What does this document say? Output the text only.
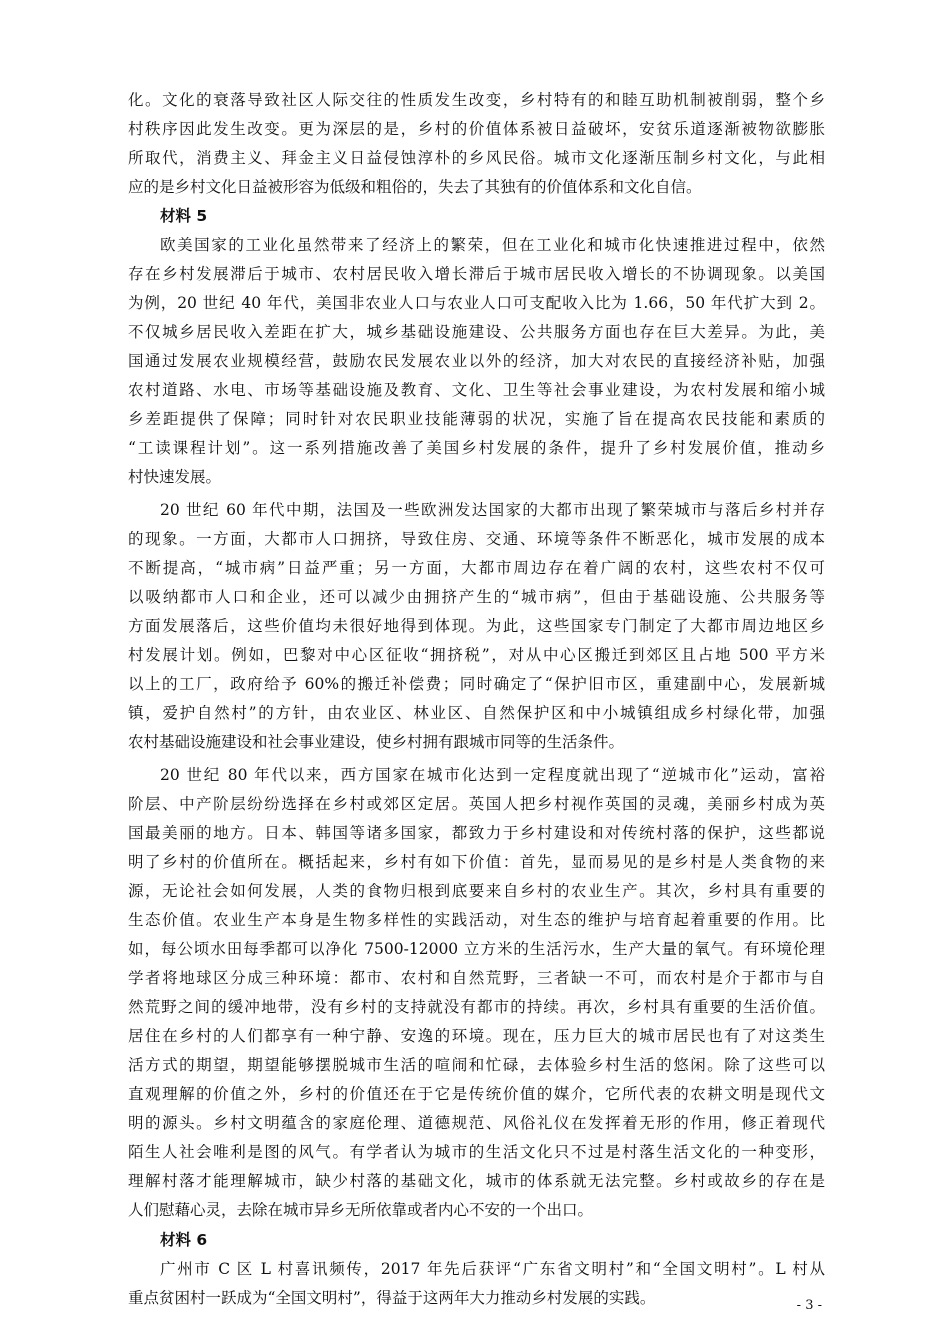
化。文化的衰落导致社区人际交往的性质发生改变，乡村特有的和睦互助机制被削弱，整个乡
村秩序因此发生改变。更为深层的是，乡村的价值体系被日益破坏，安贫乐道逐渐被物欲膨胀
所取代，消费主义、拜金主义日益侵蚀淳朴的乡风民俗。城市文化逐渐压制乡村文化，与此相
应的是乡村文化日益被形容为低级和粗俗的，失去了其独有的价值体系和文化自信。
材料 5
欧美国家的工业化虽然带来了经济上的繁荣，但在工业化和城市化快速推进过程中，依然
存在乡村发展滞后于城市、农村居民收入增长滞后于城市居民收入增长的不协调现象。以美国
为例，20 世纪 40 年代，美国非农业人口与农业人口可支配收入比为 1.66，50 年代扩大到 2。
不仅城乡居民收入差距在扩大，城乡基础设施建设、公共服务方面也存在巨大差异。为此，美
国通过发展农业规模经营，鼓励农民发展农业以外的经济，加大对农民的直接经济补贴，加强
农村道路、水电、市场等基础设施及教育、文化、卫生等社会事业建设，为农村发展和缩小城
乡差距提供了保障；同时针对农民职业技能薄弱的状况，实施了旨在提高农民技能和素质的
“工读课程计划”。这一系列措施改善了美国乡村发展的条件，提升了乡村发展价值，推动乡
村快速发展。
20 世纪 60 年代中期，法国及一些欧洲发达国家的大都市出现了繁荣城市与落后乡村并存
的现象。一方面，大都市人口拥挤，导致住房、交通、环境等条件不断恶化，城市发展的成本
不断提高，“城市病”日益严重；另一方面，大都市周边存在着广阔的农村，这些农村不仅可
以吸纳都市人口和企业，还可以减少由拥挤产生的“城市病”，但由于基础设施、公共服务等
方面发展落后，这些价值均未很好地得到体现。为此，这些国家专门制定了大都市周边地区乡
村发展计划。例如，巴黎对中心区征收“拥挤税”，对从中心区搬迁到郊区且占地 500 平方米
以上的工厂，政府给予 60%的搬迁补偿费；同时确定了“保护旧市区，重建副中心，发展新城
镇，爱护自然村”的方针，由农业区、林业区、自然保护区和中小城镇组成乡村绿化带，加强
农村基础设施建设和社会事业建设，使乡村拥有跟城市同等的生活条件。
20 世纪 80 年代以来，西方国家在城市化达到一定程度就出现了“逆城市化”运动，富裕
阶层、中产阶层纷纷选择在乡村或郊区定居。英国人把乡村视作英国的灵魂，美丽乡村成为英
国最美丽的地方。日本、韩国等诸多国家，都致力于乡村建设和对传统村落的保护，这些都说
明了乡村的价值所在。概括起来，乡村有如下价值：首先，显而易见的是乡村是人类食物的来
源，无论社会如何发展，人类的食物归根到底要来自乡村的农业生产。其次，乡村具有重要的
生态价值。农业生产本身是生物多样性的实践活动，对生态的维护与培育起着重要的作用。比
如，每公顷水田每季都可以净化 7500-12000 立方米的生活污水，生产大量的氧气。有环境伦理
学者将地球区分成三种环境：都市、农村和自然荒野，三者缺一不可，而农村是介于都市与自
然荒野之间的缓冲地带，没有乡村的支持就没有都市的持续。再次，乡村具有重要的生活价值。
居住在乡村的人们都享有一种宁静、安逸的环境。现在，压力巨大的城市居民也有了对这类生
活方式的期望，期望能够摆脱城市生活的喧闹和忙碌，去体验乡村生活的悠闲。除了这些可以
直观理解的价值之外，乡村的价值还在于它是传统价值的媒介，它所代表的农耕文明是现代文
明的源头。乡村文明蕴含的家庭伦理、道德规范、风俗礼仪在发挥着无形的作用，修正着现代
陌生人社会唯利是图的风气。有学者认为城市的生活文化只不过是村落生活文化的一种变形，
理解村落才能理解城市，缺少村落的基础文化，城市的体系就无法完整。乡村或故乡的存在是
人们慰藉心灵，去除在城市异乡无所依靠或者内心不安的一个出口。
材料 6
广州市 C 区 L 村喜讯频传，2017 年先后获评“广东省文明村”和“全国文明村”。L 村从
重点贫困村一跃成为“全国文明村”，得益于这两年大力推动乡村发展的实践。	- 3 -
